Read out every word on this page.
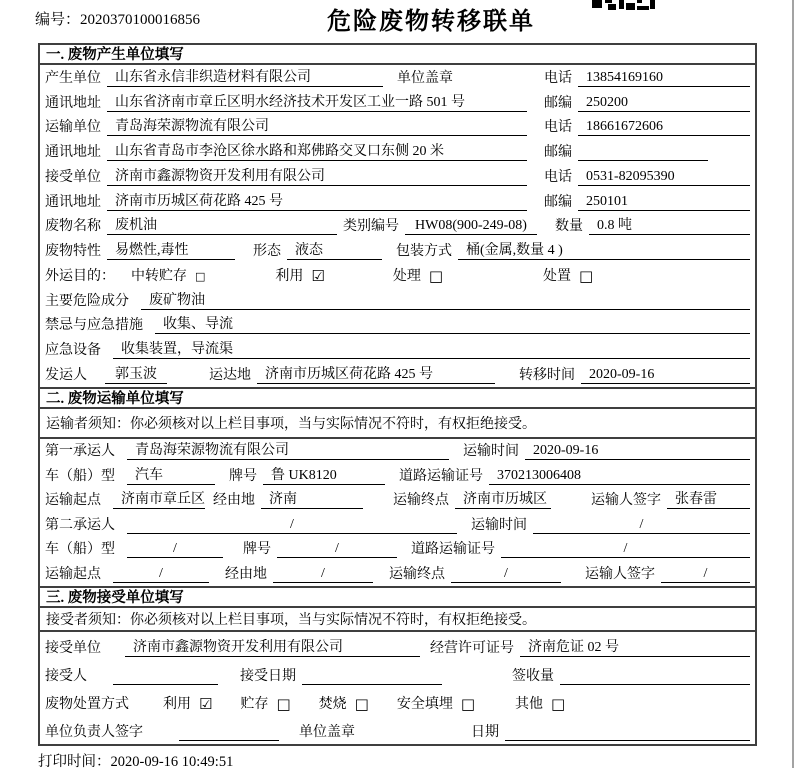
编号：2020370100016856	危险废物转移联单
一. 废物产生单位填写
产生单位	山东省永信非织造材料有限公司	单位盖章	电话	13854169160
通讯地址	山东省济南市章丘区明水经济技术开发区工业一路 501 号	邮编	250200
运输单位	青岛海荣源物流有限公司	电话	18661672606
通讯地址	山东省青岛市李沧区徐水路和郑佛路交叉口东侧 20 米	邮编
接受单位	济南市鑫源物资开发利用有限公司	电话	0531-82095390
通讯地址	济南市历城区荷花路 425 号	邮编	250101
废物名称	废机油	类别编号	HW08(900-249-08)	数量	0.8 吨
废物特性	易燃性,毒性	形态	液态	包装方式	桶(金属,数量 4 )
外运目的： 中转贮存 □	利用 ☑	处理 □	处置 □
主要危险成分	废矿物油
禁忌与应急措施	收集、导流
应急设备	收集装置，导流渠
发运人	郭玉波	运达地	济南市历城区荷花路 425 号	转移时间	2020-09-16
二. 废物运输单位填写
运输者须知：你必须核对以上栏目事项，当与实际情况不符时，有权拒绝接受。
第一承运人	青岛海荣源物流有限公司	运输时间	2020-09-16
车（船）型	汽车	牌号	鲁 UK8120	道路运输证号	370213006408
运输起点	济南市章丘区 经由地	济南	运输终点	济南市历城区	运输人签字	张春雷
第二承运人	/	运输时间	/
车（船）型	/	牌号	/	道路运输证号	/
运输起点	/	经由地	/	运输终点	/	运输人签字	/
三. 废物接受单位填写
接受者须知：你必须核对以上栏目事项，当与实际情况不符时，有权拒绝接受。
接受单位	济南市鑫源物资开发利用有限公司	经营许可证号	济南危证 02 号
接受人	接受日期	签收量
废物处置方式 利用 ☑ 贮存 □ 焚烧 □ 安全填埋 □	其他 □
单位负责人签字	单位盖章	日期
打印时间：2020-09-16 10:49:51
